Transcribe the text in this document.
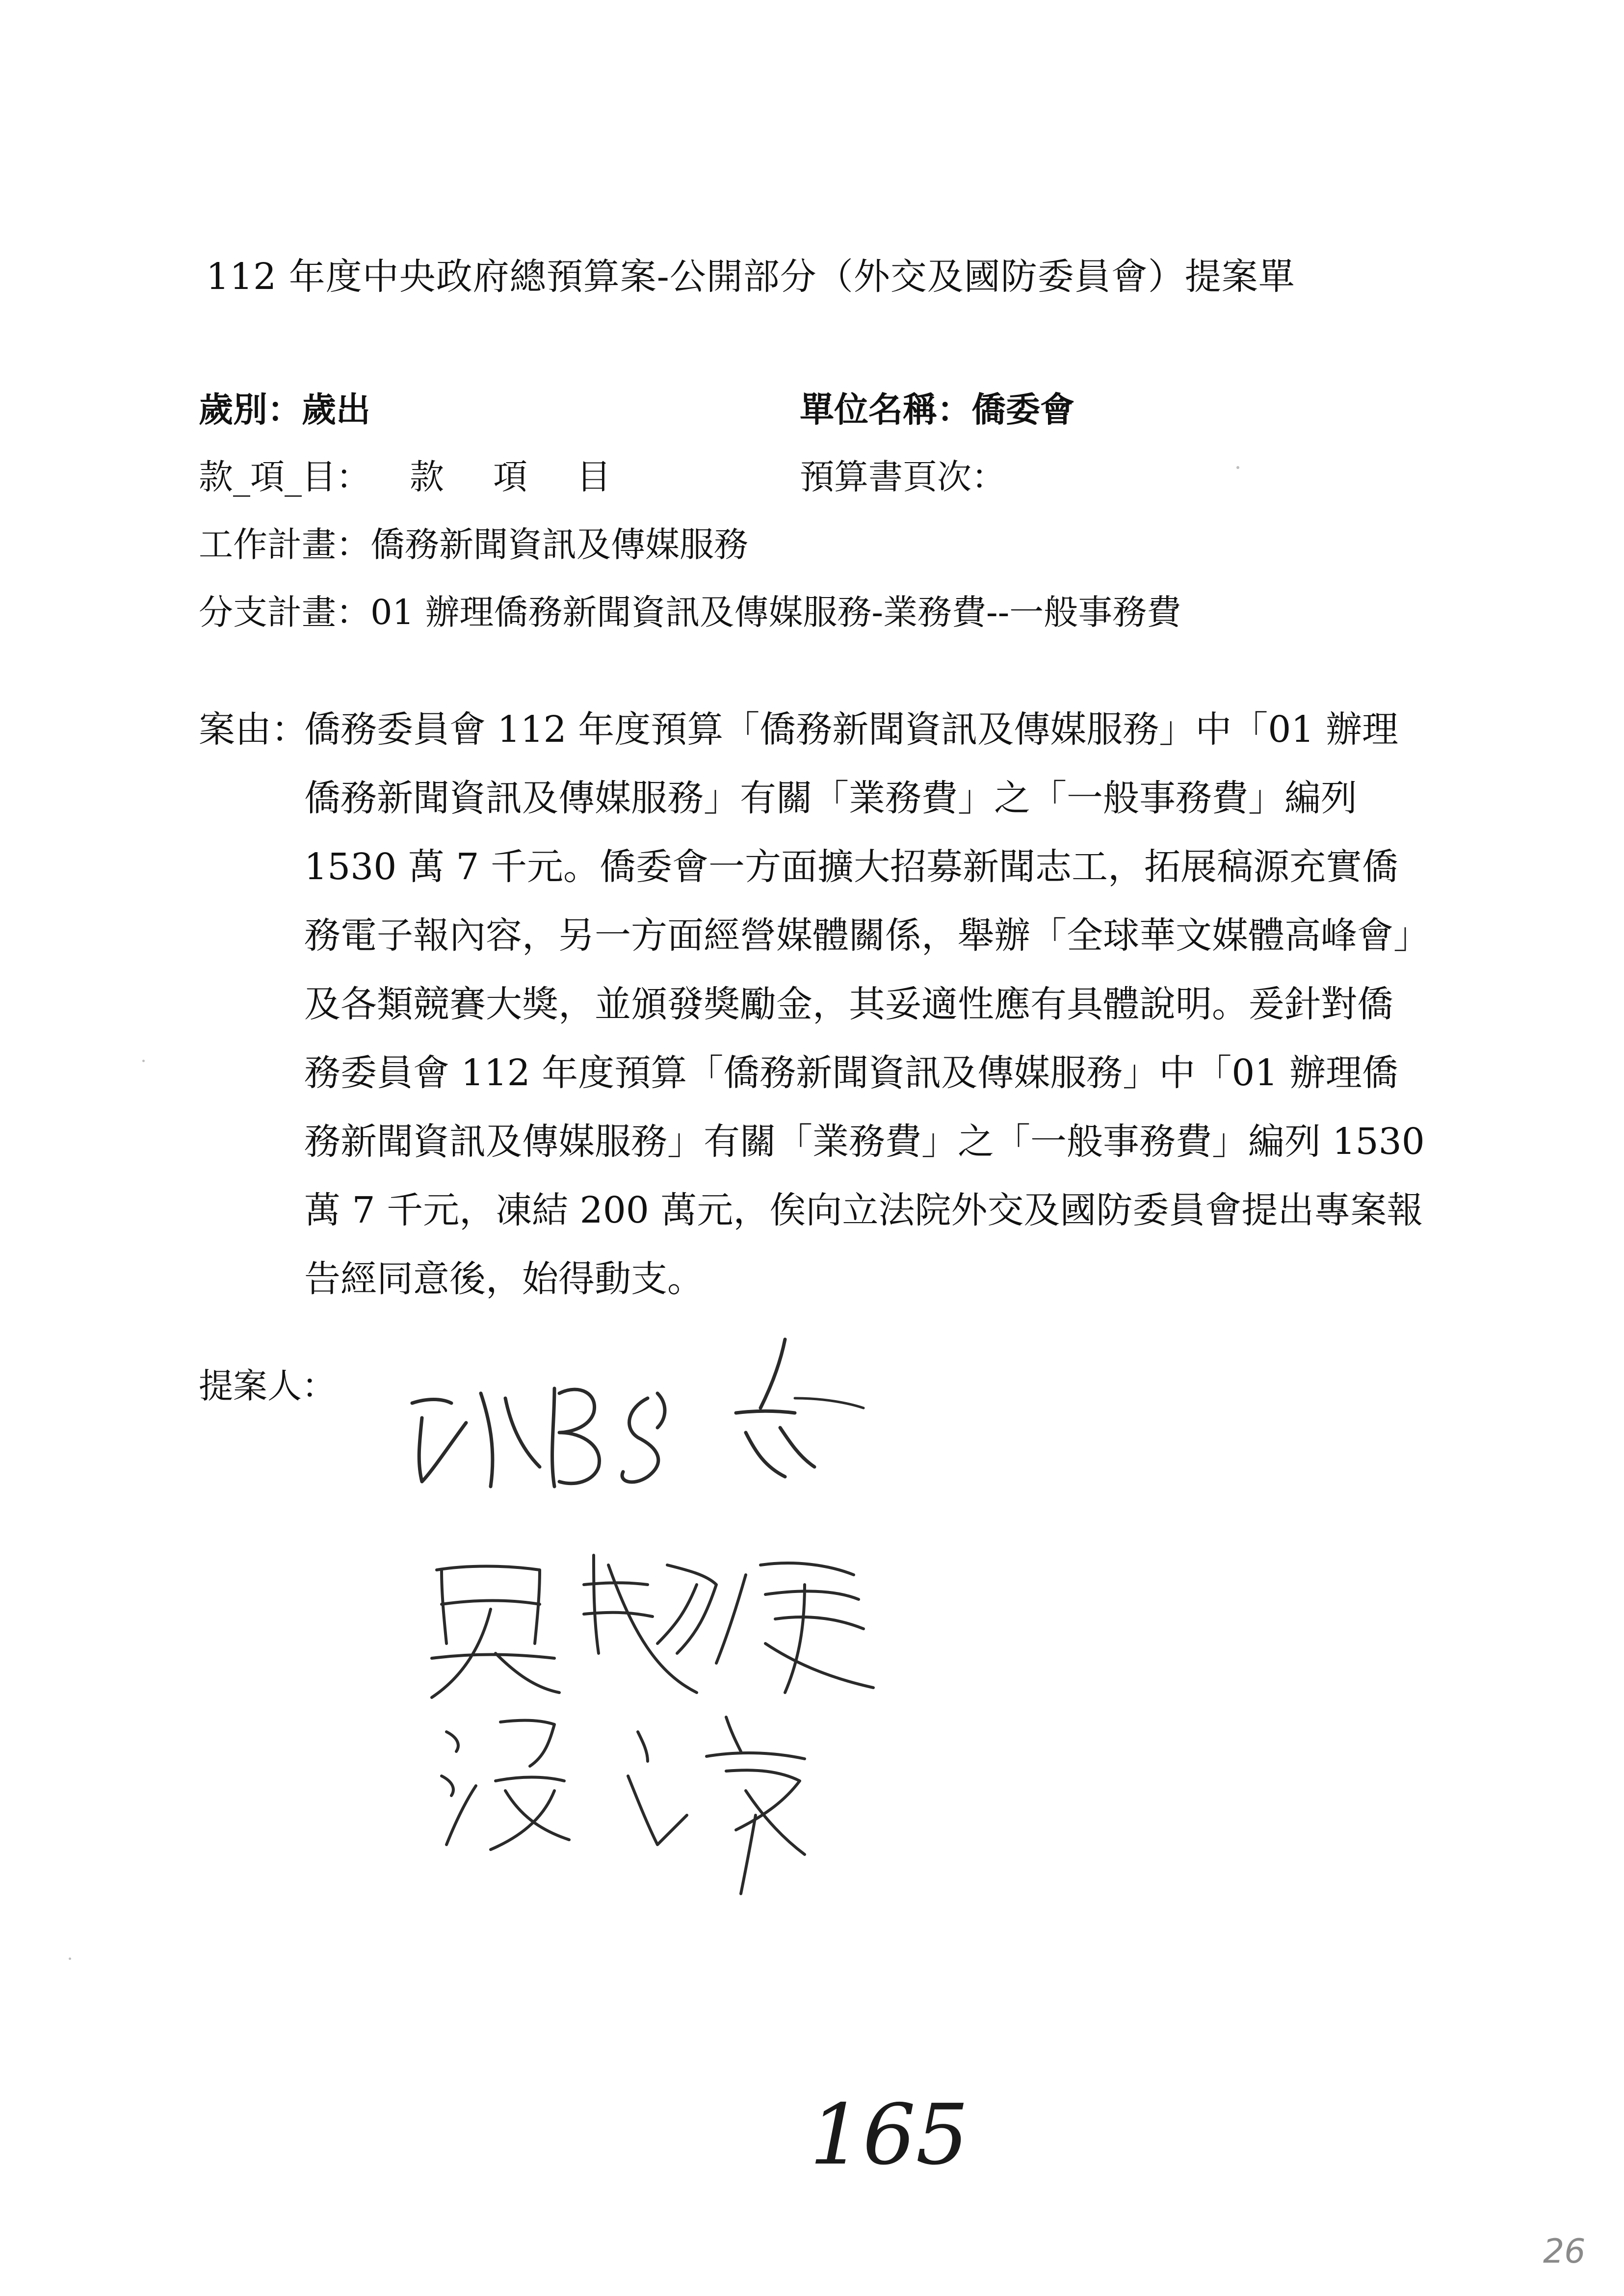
112 年度中央政府總預算案-公開部分（外交及國防委員會）提案單
歲別：歲出	單位名稱：僑委會
款_項_目： 款 項 目	預算書頁次：
工作計畫：僑務新聞資訊及傳媒服務
分支計畫：01 辦理僑務新聞資訊及傳媒服務-業務費--一般事務費
案由：
僑務委員會 112 年度預算「僑務新聞資訊及傳媒服務」中「01 辦理
僑務新聞資訊及傳媒服務」有關「業務費」之「一般事務費」編列
1530 萬 7 千元。僑委會一方面擴大招募新聞志工，拓展稿源充實僑
務電子報內容，另一方面經營媒體關係，舉辦「全球華文媒體高峰會」
及各類競賽大獎，並頒發獎勵金，其妥適性應有具體說明。爰針對僑
務委員會 112 年度預算「僑務新聞資訊及傳媒服務」中「01 辦理僑
務新聞資訊及傳媒服務」有關「業務費」之「一般事務費」編列 1530
萬 7 千元，凍結 200 萬元，俟向立法院外交及國防委員會提出專案報
告經同意後，始得動支。
提案人：
165
26
